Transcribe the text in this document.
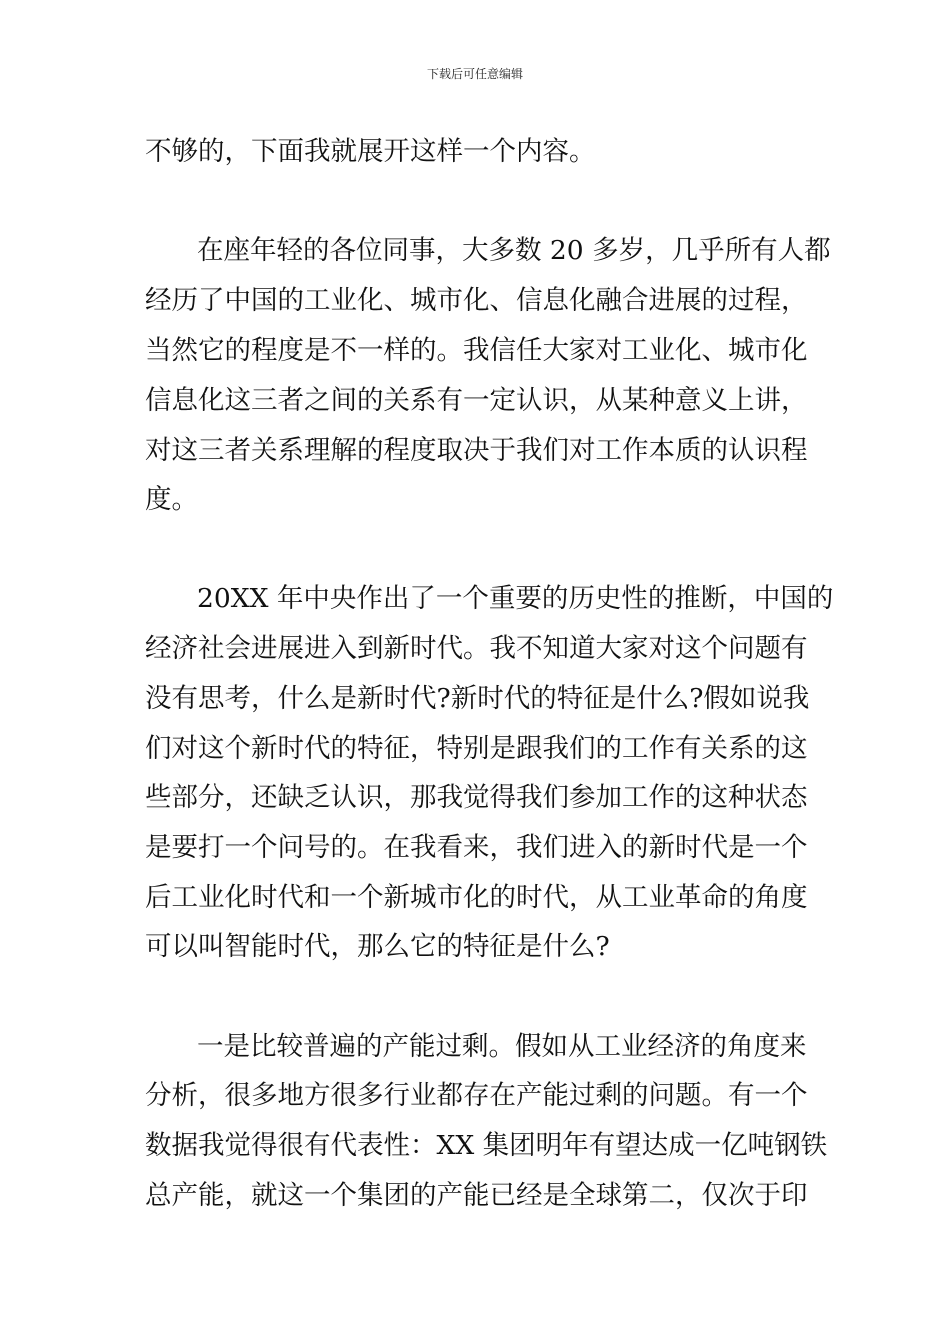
下载后可任意编辑
不够的，下面我就展开这样一个内容。
在座年轻的各位同事，大多数 20 多岁，几乎所有人都
经历了中国的工业化、城市化、信息化融合进展的过程，
当然它的程度是不一样的。我信任大家对工业化、城市化
信息化这三者之间的关系有一定认识，从某种意义上讲，
对这三者关系理解的程度取决于我们对工作本质的认识程
度。
20XX 年中央作出了一个重要的历史性的推断，中国的
经济社会进展进入到新时代。我不知道大家对这个问题有
没有思考，什么是新时代?新时代的特征是什么?假如说我
们对这个新时代的特征，特别是跟我们的工作有关系的这
些部分，还缺乏认识，那我觉得我们参加工作的这种状态
是要打一个问号的。在我看来，我们进入的新时代是一个
后工业化时代和一个新城市化的时代，从工业革命的角度
可以叫智能时代，那么它的特征是什么?
一是比较普遍的产能过剩。假如从工业经济的角度来
分析，很多地方很多行业都存在产能过剩的问题。有一个
数据我觉得很有代表性：XX 集团明年有望达成一亿吨钢铁
总产能，就这一个集团的产能已经是全球第二，仅次于印
